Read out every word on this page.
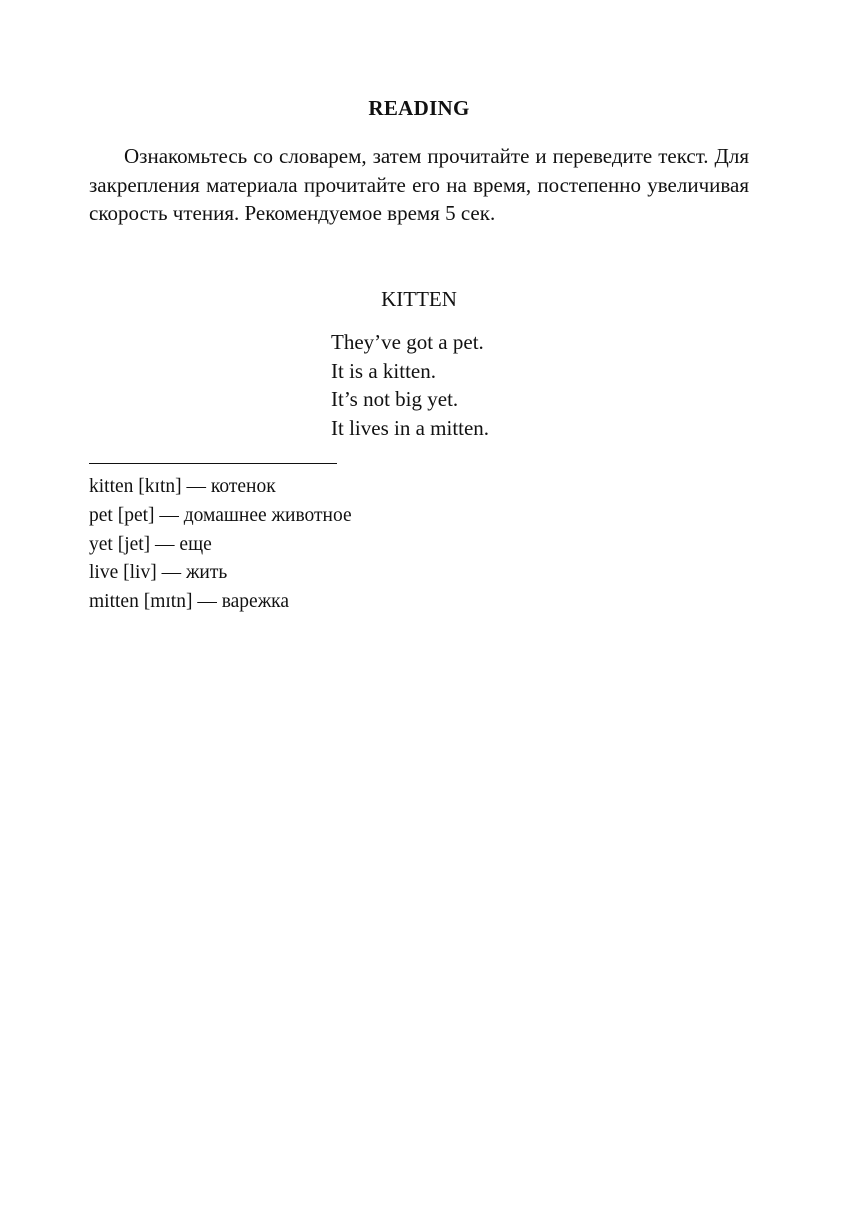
READING

Ознакомьтесь со словарем, затем прочитайте и переведите текст. Для закрепления материала прочитайте его на время, постепенно увеличивая скорость чтения. Рекомендуемое время 5 сек.

KITTEN
They’ve got a pet.
It is a kitten.
It’s not big yet.
It lives in a mitten.
kitten [kɪtn] — котенок
pet [pet] — домашнее животное
yet [jet] — еще
live [liv] — жить
mitten [mɪtn] — варежка
